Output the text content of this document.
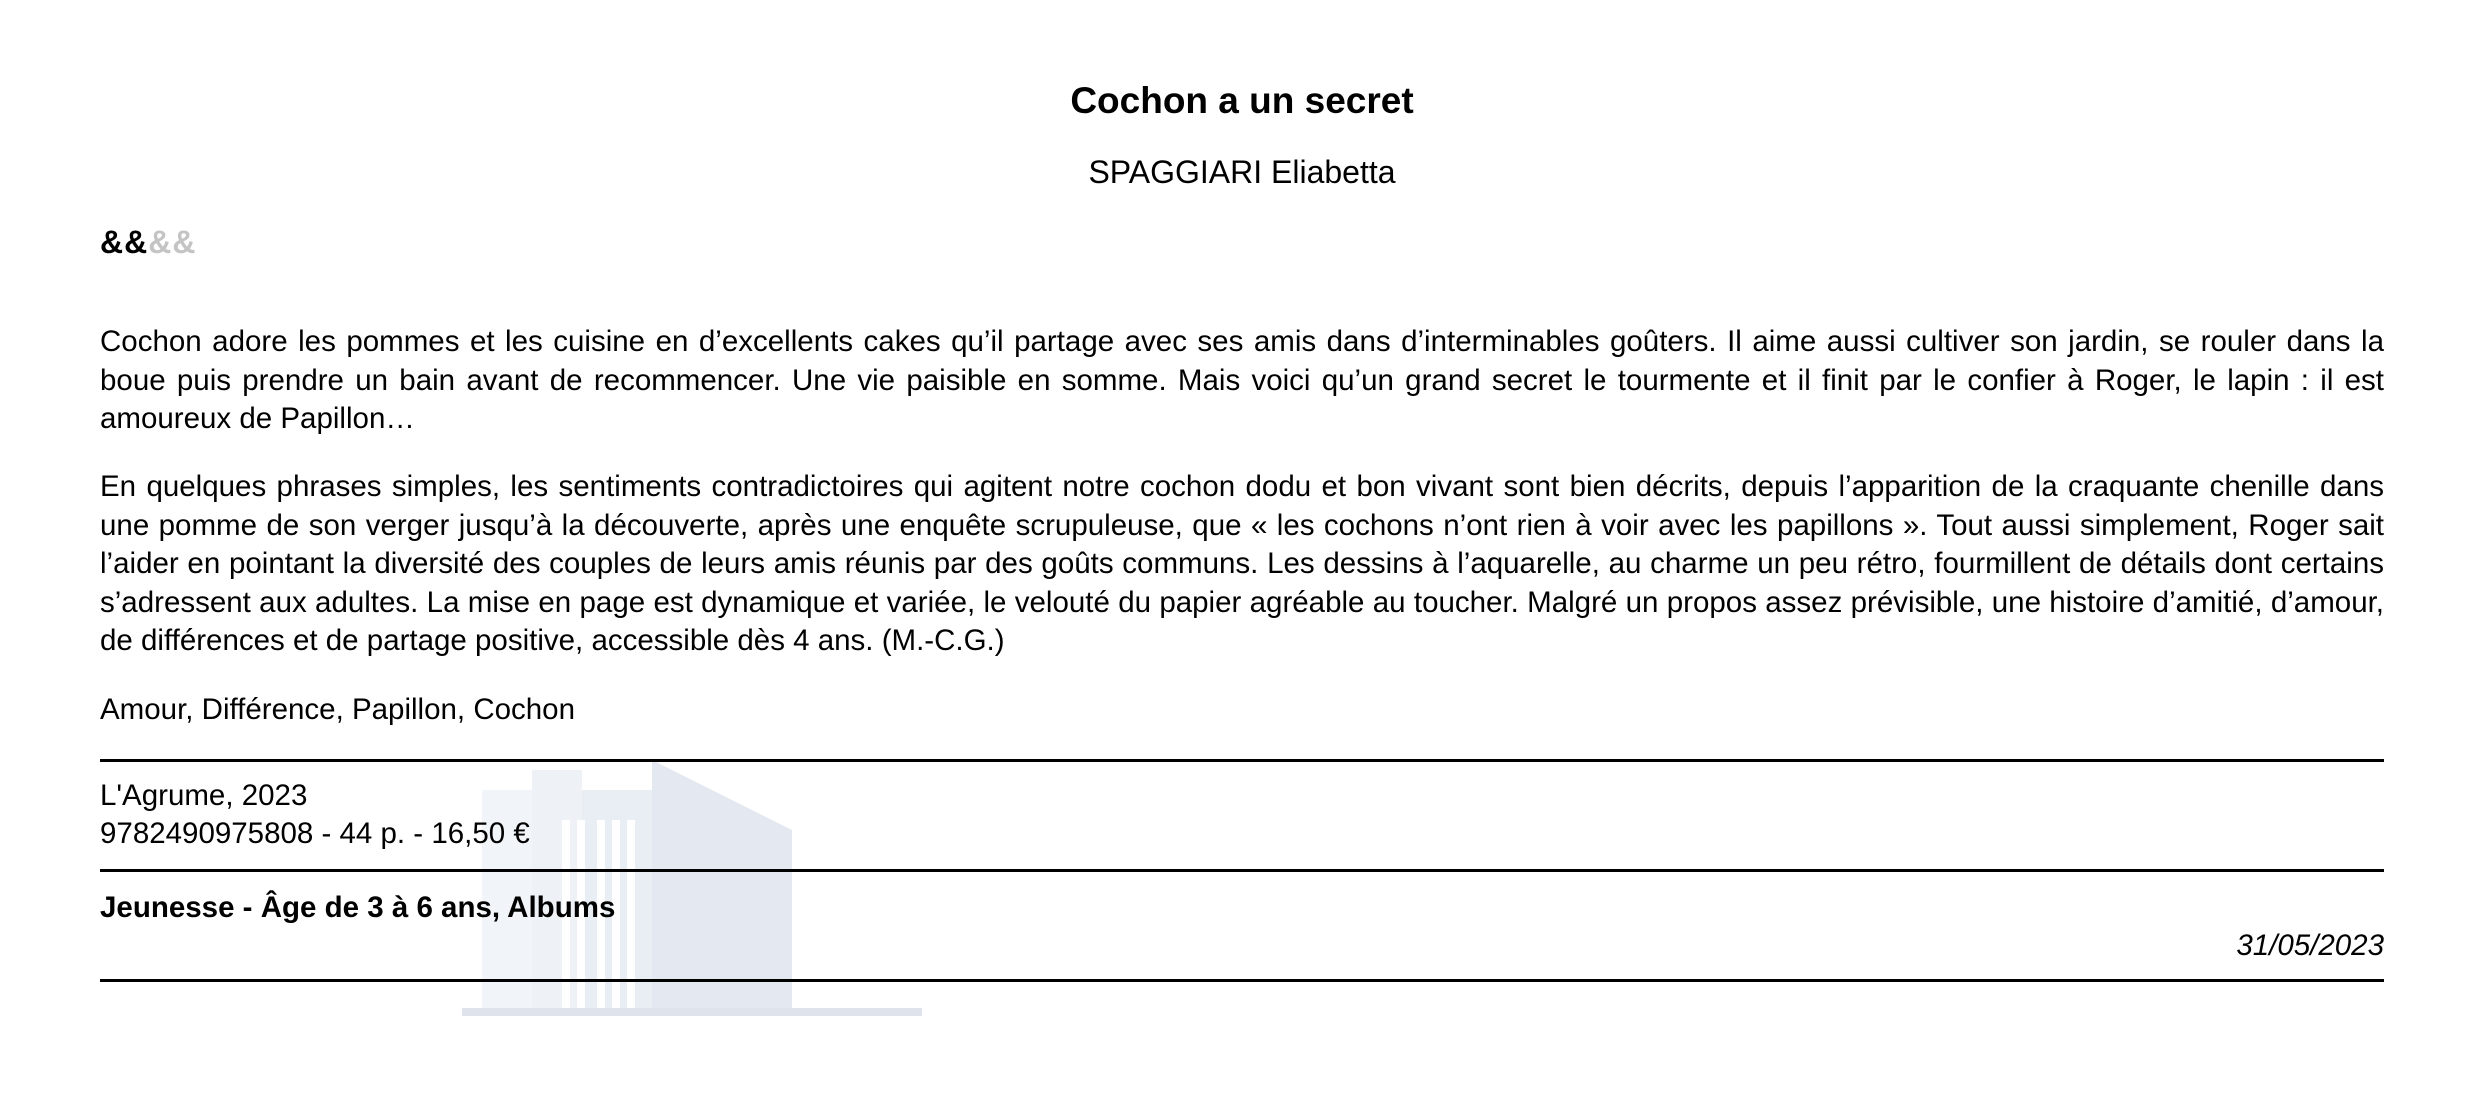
Cochon a un secret
SPAGGIARI Eliabetta
&&&&

Cochon adore les pommes et les cuisine en d’excellents cakes qu’il partage avec ses amis dans d’interminables goûters. Il aime aussi cultiver son jardin, se rouler dans la boue puis prendre un bain avant de recommencer. Une vie paisible en somme. Mais voici qu’un grand secret le tourmente et il finit par le confier à Roger, le lapin : il est amoureux de Papillon…

En quelques phrases simples, les sentiments contradictoires qui agitent notre cochon dodu et bon vivant sont bien décrits, depuis l’apparition de la craquante chenille dans une pomme de son verger jusqu’à la découverte, après une enquête scrupuleuse, que « les cochons n’ont rien à voir avec les papillons ». Tout aussi simplement, Roger sait l’aider en pointant la diversité des couples de leurs amis réunis par des goûts communs. Les dessins à l’aquarelle, au charme un peu rétro, fourmillent de détails dont certains s’adressent aux adultes. La mise en page est dynamique et variée, le velouté du papier agréable au toucher. Malgré un propos assez prévisible, une histoire d’amitié, d’amour, de différences et de partage positive, accessible dès 4 ans. (M.-C.G.)

Amour, Différence, Papillon, Cochon
L'Agrume, 2023
9782490975808 - 44 p. - 16,50 €
Jeunesse - Âge de 3 à 6 ans, Albums
31/05/2023
